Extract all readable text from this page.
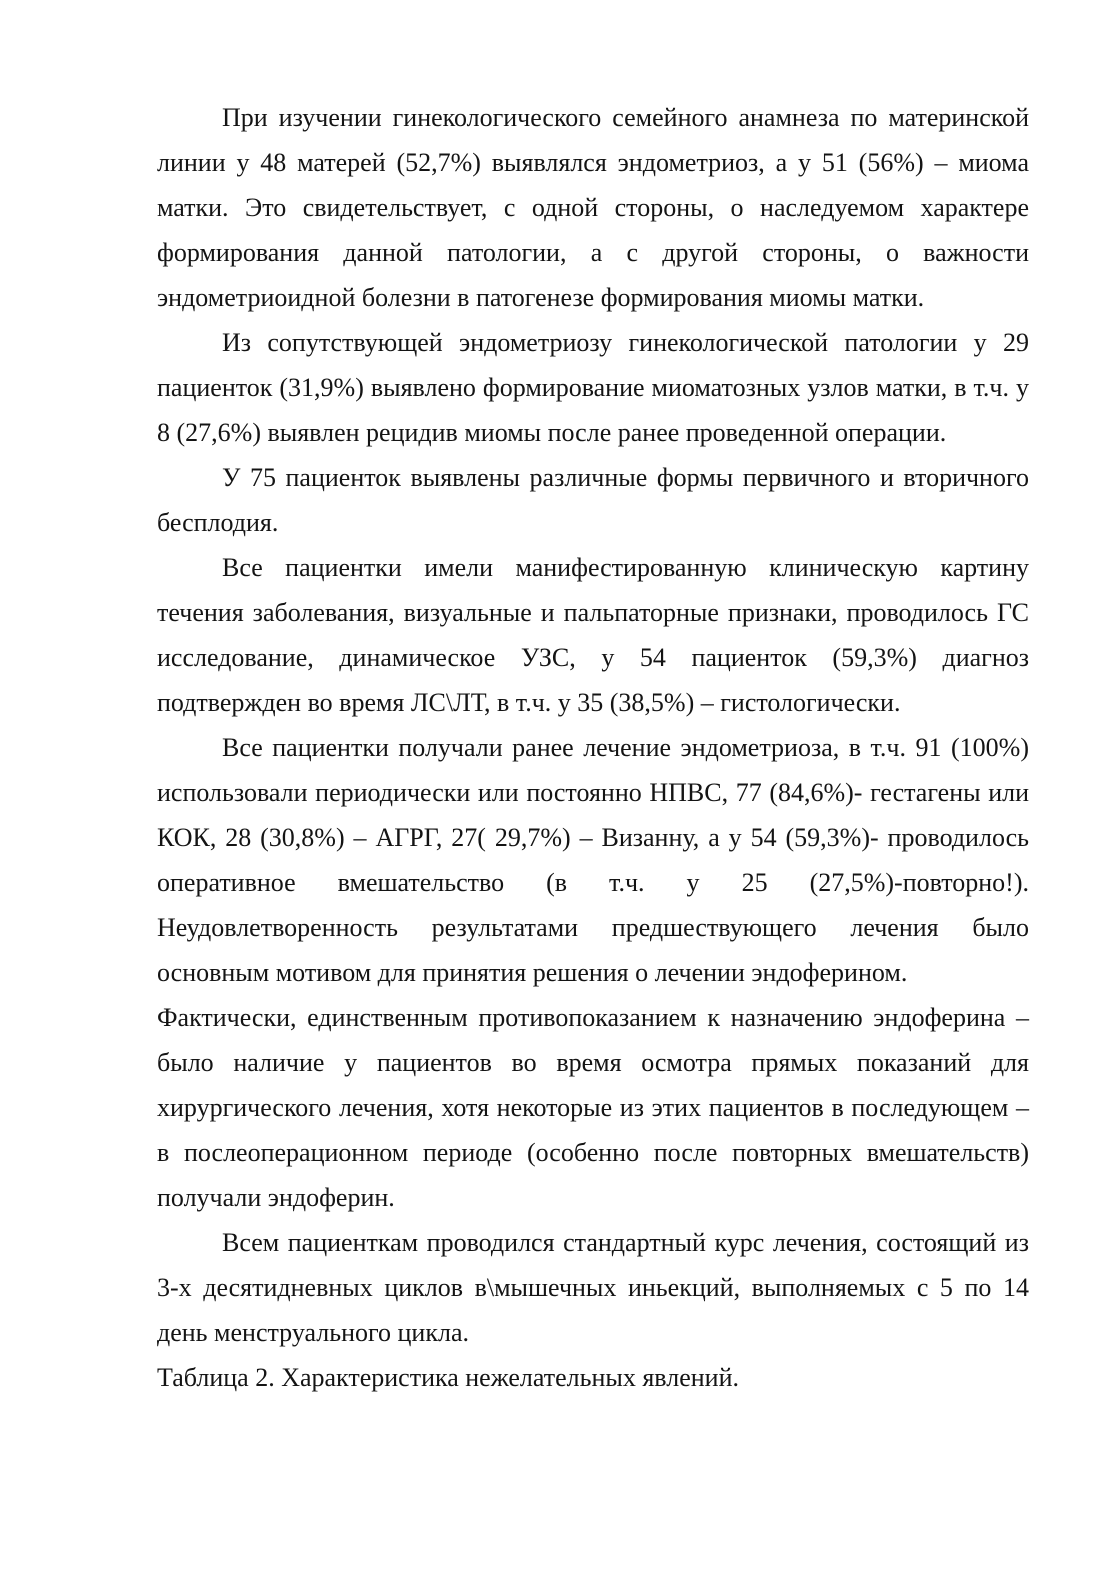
При изучении гинекологического семейного анамнеза по материнской линии у 48 матерей (52,7%) выявлялся эндометриоз, а у 51 (56%) – миома матки. Это свидетельствует, с одной стороны, о наследуемом характере формирования данной патологии, а с другой стороны, о важности эндометриоидной болезни в патогенезе формирования миомы матки.

Из сопутствующей эндометриозу гинекологической патологии у 29 пациенток (31,9%) выявлено формирование миоматозных узлов матки, в т.ч. у 8 (27,6%) выявлен рецидив миомы после ранее проведенной операции.

У 75 пациенток выявлены различные формы первичного и вторичного бесплодия.

Все пациентки имели манифестированную клиническую картину течения заболевания, визуальные и пальпаторные признаки, проводилось ГС исследование, динамическое УЗС, у 54 пациенток (59,3%) диагноз подтвержден во время ЛС\ЛТ, в т.ч. у 35 (38,5%) – гистологически.

Все пациентки получали ранее лечение эндометриоза, в т.ч. 91 (100%) использовали периодически или постоянно НПВС, 77 (84,6%)- гестагены или КОК, 28 (30,8%) – АГРГ, 27( 29,7%) – Визанну, а у 54 (59,3%)- проводилось оперативное вмешательство (в т.ч. у 25 (27,5%)-повторно!). Неудовлетворенность результатами предшествующего лечения было основным мотивом для принятия решения о лечении эндоферином.

Фактически, единственным противопоказанием к назначению эндоферина – было наличие у пациентов во время осмотра прямых показаний для хирургического лечения, хотя некоторые из этих пациентов в последующем – в послеоперационном периоде (особенно после повторных вмешательств) получали эндоферин.

Всем пациенткам проводился стандартный курс лечения, состоящий из 3-х десятидневных циклов в\мышечных иньекций, выполняемых с 5 по 14 день менструального цикла.

Таблица 2. Характеристика нежелательных явлений.
